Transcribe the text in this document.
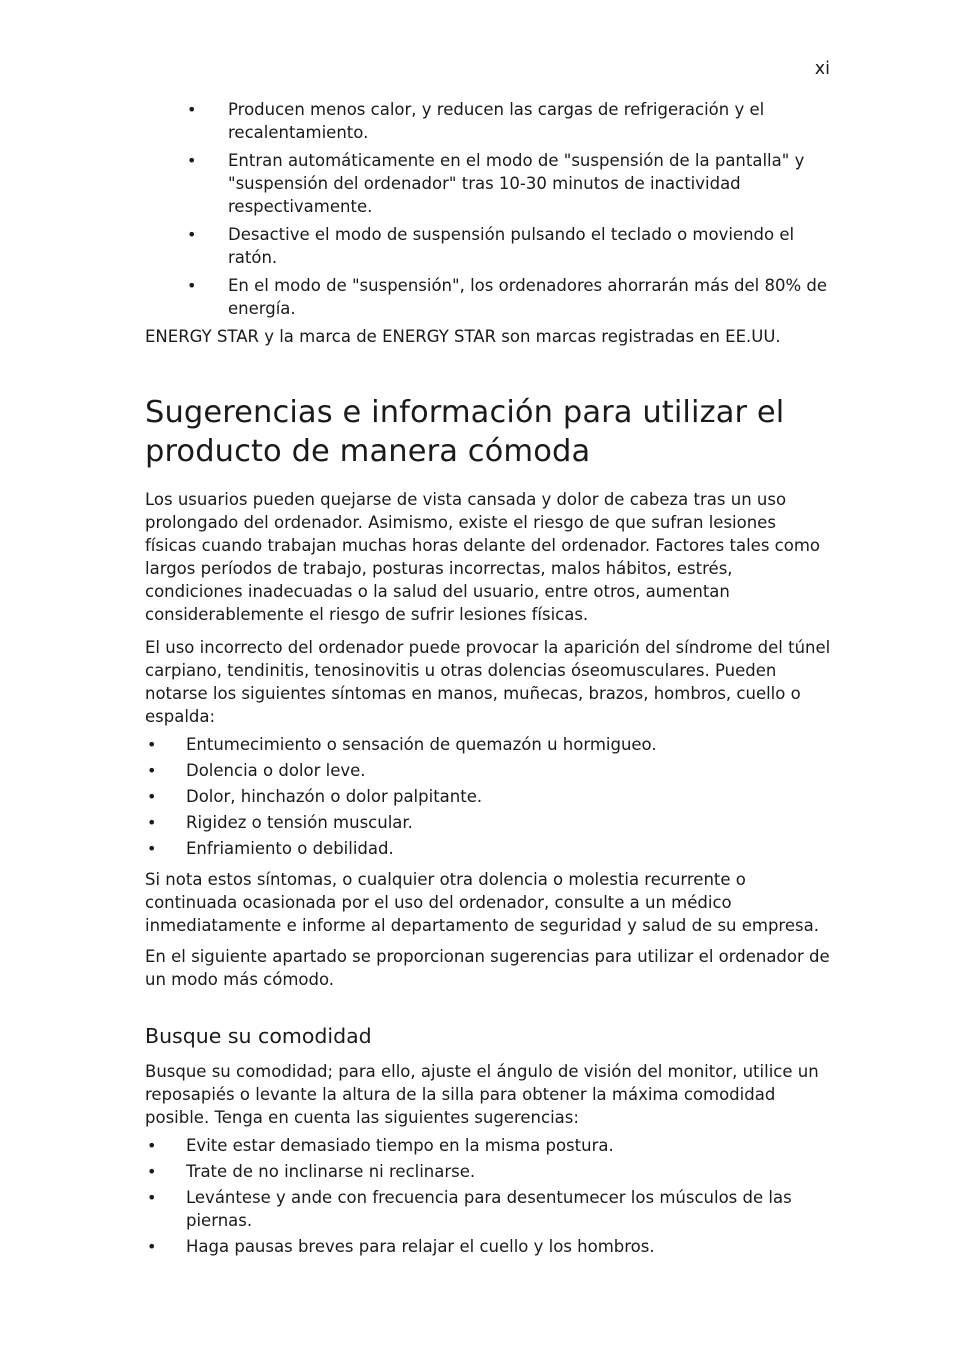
xi
• Producen menos calor, y reducen las cargas de refrigeración y el recalentamiento.
• Entran automáticamente en el modo de "suspensión de la pantalla" y "suspensión del ordenador" tras 10-30 minutos de inactividad respectivamente.
• Desactive el modo de suspensión pulsando el teclado o moviendo el ratón.
• En el modo de "suspensión", los ordenadores ahorrarán más del 80% de energía.

ENERGY STAR y la marca de ENERGY STAR son marcas registradas en EE.UU.

Sugerencias e información para utilizar el producto de manera cómoda

Los usuarios pueden quejarse de vista cansada y dolor de cabeza tras un uso prolongado del ordenador. Asimismo, existe el riesgo de que sufran lesiones físicas cuando trabajan muchas horas delante del ordenador. Factores tales como largos períodos de trabajo, posturas incorrectas, malos hábitos, estrés, condiciones inadecuadas o la salud del usuario, entre otros, aumentan considerablemente el riesgo de sufrir lesiones físicas.

El uso incorrecto del ordenador puede provocar la aparición del síndrome del túnel carpiano, tendinitis, tenosinovitis u otras dolencias óseomusculares. Pueden notarse los siguientes síntomas en manos, muñecas, brazos, hombros, cuello o espalda:

• Entumecimiento o sensación de quemazón u hormigueo.
• Dolencia o dolor leve.
• Dolor, hinchazón o dolor palpitante.
• Rigidez o tensión muscular.
• Enfriamiento o debilidad.

Si nota estos síntomas, o cualquier otra dolencia o molestia recurrente o continuada ocasionada por el uso del ordenador, consulte a un médico inmediatamente e informe al departamento de seguridad y salud de su empresa.

En el siguiente apartado se proporcionan sugerencias para utilizar el ordenador de un modo más cómodo.

Busque su comodidad

Busque su comodidad; para ello, ajuste el ángulo de visión del monitor, utilice un reposapiés o levante la altura de la silla para obtener la máxima comodidad posible. Tenga en cuenta las siguientes sugerencias:

• Evite estar demasiado tiempo en la misma postura.
• Trate de no inclinarse ni reclinarse.
• Levántese y ande con frecuencia para desentumecer los músculos de las piernas.
• Haga pausas breves para relajar el cuello y los hombros.
